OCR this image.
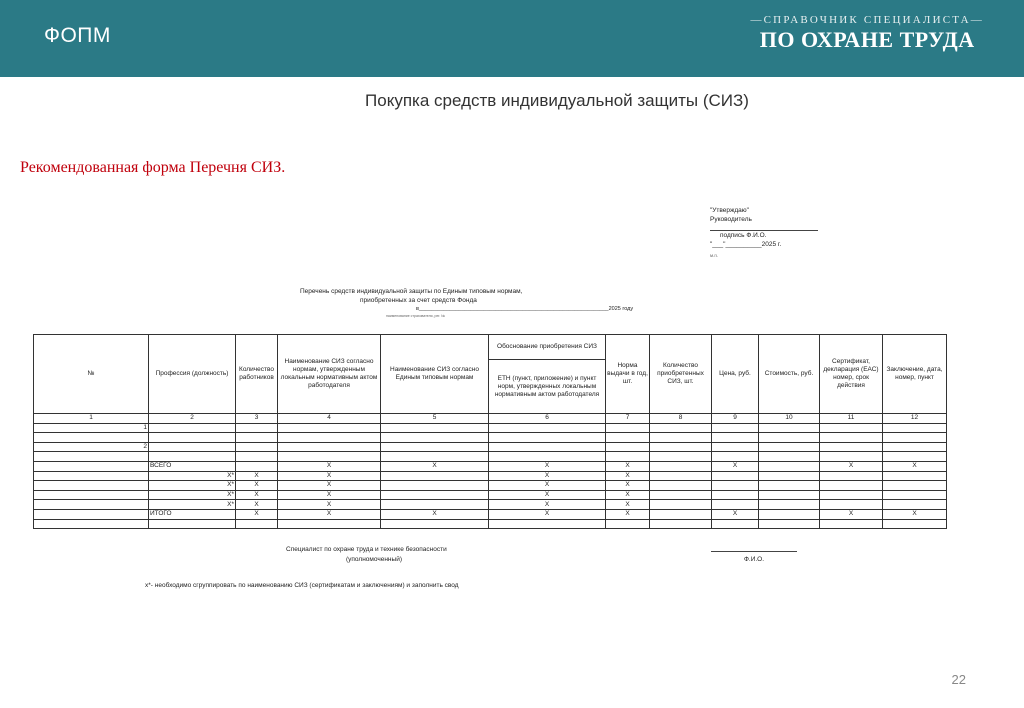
ФОПМ
—СПРАВОЧНИК СПЕЦИАЛИСТА—
ПО ОХРАНЕ ТРУДА
Покупка средств индивидуальной защиты (СИЗ)
Рекомендованная форма Перечня СИЗ.
"Утверждаю"
Руководитель
подпись Ф.И.О.
"___"__________2025 г.
м.п.
Перечень средств индивидуальной защиты по Единым типовым нормам,
приобретенных за счет средств Фонда
в______________________________________________________________2025 году
наименование страхователя, рег. №
№	Профессия (должность)	Количество работников	Наименование СИЗ согласно нормам, утвержденным локальным нормативным актом работодателя	Наименование СИЗ согласно Единым типовым нормам	Обоснование приобретения СИЗ	Норма выдачи в год, шт.	Количество приобретенных СИЗ, шт.	Цена, руб.	Стоимость, руб.	Сертификат, декларация (ЕАС) номер, срок действия	Заключение, дата, номер, пункт
					ЕТН (пункт, приложение) и пункт норм, утвержденных локальным нормативным актом работодателя						
1	2	3	4	5	6	7	8	9	10	11	12
1											

2											

	ВСЕГО		Х	Х	Х	Х		Х		Х	Х
	Х*	Х	Х		Х	Х					
	Х*	Х	Х		Х	Х					
	Х*	Х	Х		Х	Х					
	Х*	Х	Х		Х	Х					
	ИТОГО	Х	Х	Х	Х	Х		Х		Х	Х

Специалист по охране труда и технике безопасности
(уполномоченный)	Ф.И.О.
х*- необходимо сгруппировать по наименованию СИЗ (сертификатам и заключениям) и заполнить свод
22
